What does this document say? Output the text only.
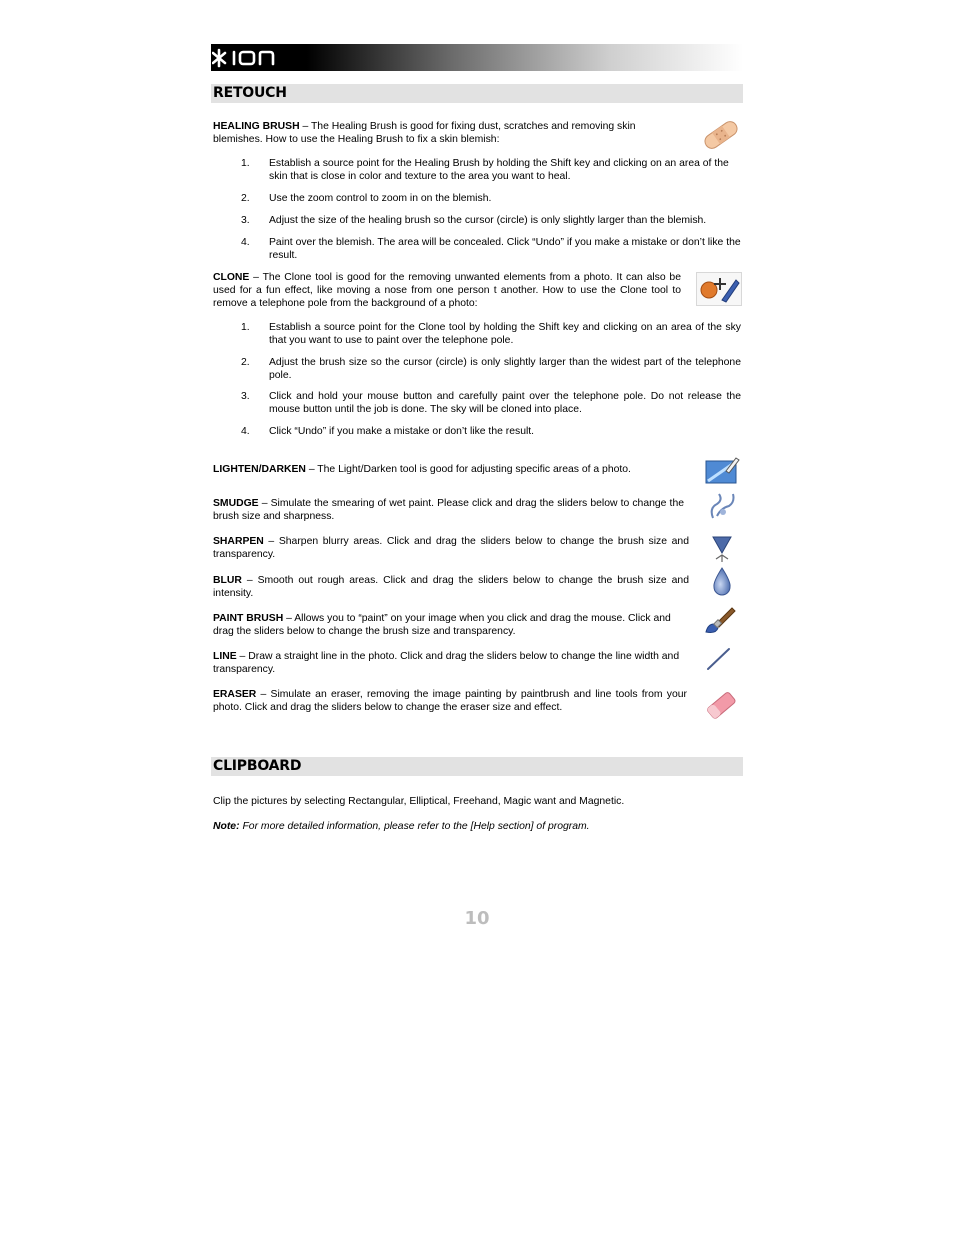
RETOUCH
HEALING BRUSH – The Healing Brush is good for fixing dust, scratches and removing skin blemishes. How to use the Healing Brush to fix a skin blemish:
1. Establish a source point for the Healing Brush by holding the Shift key and clicking on an area of the skin that is close in color and texture to the area you want to heal.
2. Use the zoom control to zoom in on the blemish.
3. Adjust the size of the healing brush so the cursor (circle) is only slightly larger than the blemish.
4. Paint over the blemish. The area will be concealed. Click “Undo” if you make a mistake or don’t like the result.
CLONE – The Clone tool is good for the removing unwanted elements from a photo. It can also be used for a fun effect, like moving a nose from one person t another. How to use the Clone tool to remove a telephone pole from the background of a photo:
1. Establish a source point for the Clone tool by holding the Shift key and clicking on an area of the sky that you want to use to paint over the telephone pole.
2. Adjust the brush size so the cursor (circle) is only slightly larger than the widest part of the telephone pole.
3. Click and hold your mouse button and carefully paint over the telephone pole. Do not release the mouse button until the job is done. The sky will be cloned into place.
4. Click “Undo” if you make a mistake or don’t like the result.
LIGHTEN/DARKEN – The Light/Darken tool is good for adjusting specific areas of a photo.
SMUDGE – Simulate the smearing of wet paint. Please click and drag the sliders below to change the brush size and sharpness.
SHARPEN – Sharpen blurry areas. Click and drag the sliders below to change the brush size and transparency.
BLUR – Smooth out rough areas. Click and drag the sliders below to change the brush size and intensity.
PAINT BRUSH – Allows you to “paint” on your image when you click and drag the mouse. Click and drag the sliders below to change the brush size and transparency.
LINE – Draw a straight line in the photo. Click and drag the sliders below to change the line width and transparency.
ERASER – Simulate an eraser, removing the image painting by paintbrush and line tools from your photo. Click and drag the sliders below to change the eraser size and effect.
CLIPBOARD
Clip the pictures by selecting Rectangular, Elliptical, Freehand, Magic want and Magnetic.
Note: For more detailed information, please refer to the [Help section] of program.
10
